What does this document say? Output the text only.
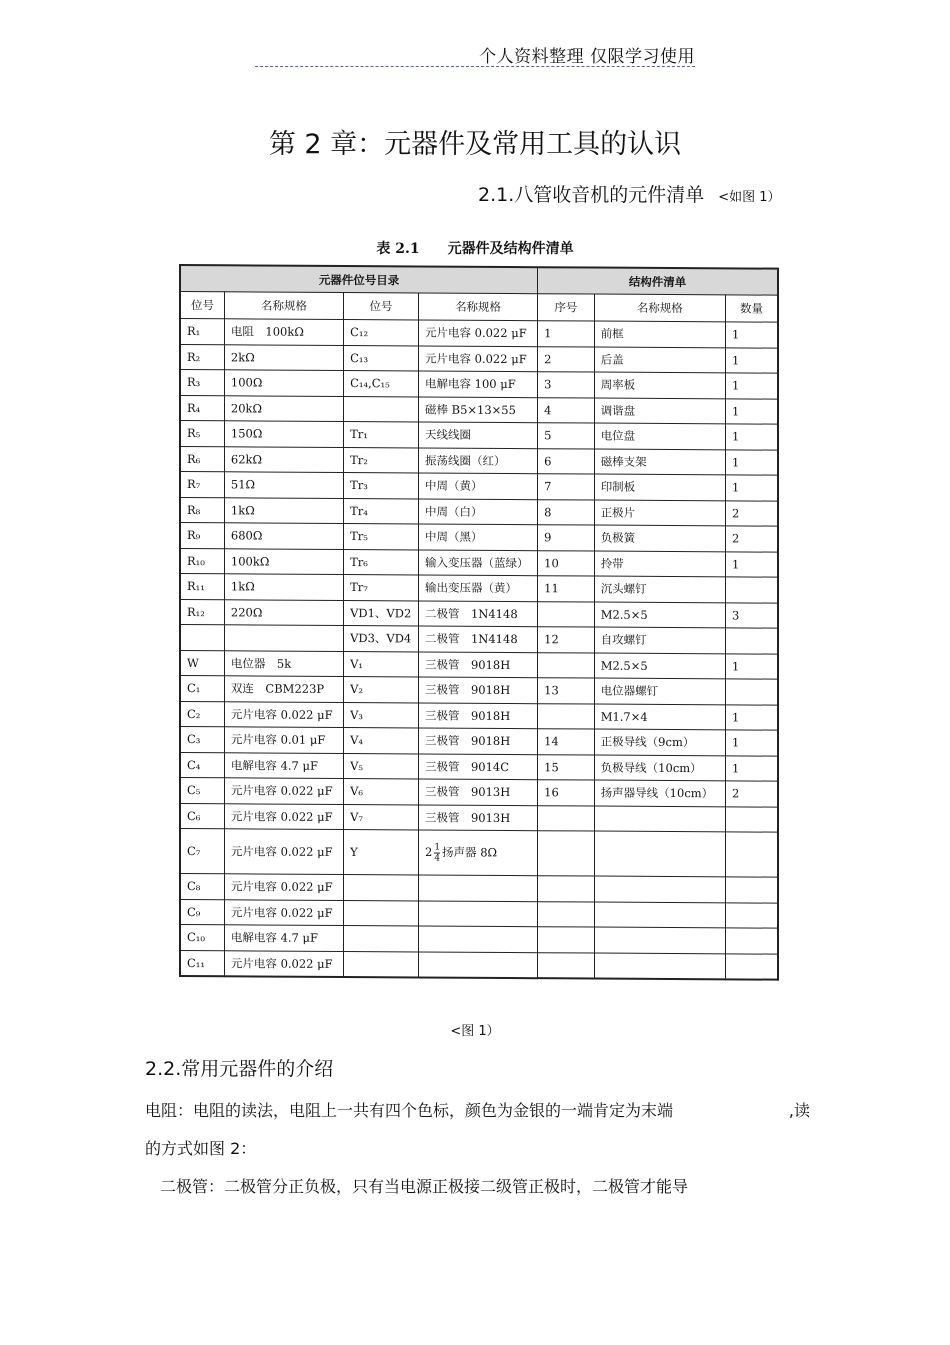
个人资料整理 仅限学习使用
第 2 章：元器件及常用工具的认识
2.1.八管收音机的元件清单 <如图 1）
表 2.1 元器件及结构件清单
元器件位号目录				结构件清单		
位号	名称规格	位号	名称规格	序号	名称规格	数量
R₁	电阻　100kΩ	C₁₂	元片电容 0.022 μF	1	前框	1
R₂	2kΩ	C₁₃	元片电容 0.022 μF	2	后盖	1
R₃	100Ω	C₁₄,C₁₅	电解电容 100 μF	3	周率板	1
R₄	20kΩ		磁棒 B5×13×55	4	调谐盘	1
R₅	150Ω	Tr₁	天线线圈	5	电位盘	1
R₆	62kΩ	Tr₂	振荡线圈（红）	6	磁棒支架	1
R₇	51Ω	Tr₃	中周（黄）	7	印制板	1
R₈	1kΩ	Tr₄	中周（白）	8	正极片	2
R₉	680Ω	Tr₅	中周（黑）	9	负极簧	2
R₁₀	100kΩ	Tr₆	输入变压器（蓝绿）	10	拎带	1
R₁₁	1kΩ	Tr₇	输出变压器（黄）	11	沉头螺钉	
R₁₂	220Ω	VD1、VD2	二极管　1N4148		M2.5×5	3
		VD3、VD4	二极管　1N4148	12	自攻螺钉	
W	电位器　5k	V₁	三极管　9018H		M2.5×5	1
C₁	双连　CBM223P	V₂	三极管　9018H	13	电位器螺钉	
C₂	元片电容 0.022 μF	V₃	三极管　9018H		M1.7×4	1
C₃	元片电容 0.01 μF	V₄	三极管　9018H	14	正极导线（9cm）	1
C₄	电解电容 4.7 μF	V₅	三极管　9014C	15	负极导线（10cm）	1
C₅	元片电容 0.022 μF	V₆	三极管　9013H	16	扬声器导线（10cm）	2
C₆	元片电容 0.022 μF	V₇	三极管　9013H			
C₇	元片电容 0.022 μF	Y	$2 \frac{1}{4}$ 扬声器 8Ω			
C₈	元片电容 0.022 μF					
C₉	元片电容 0.022 μF					
C₁₀	电解电容 4.7 μF					
C₁₁	元片电容 0.022 μF					
<图 1）
2.2.常用元器件的介绍
电阻：电阻的读法，电阻上一共有四个色标，颜色为金银的一端肯定为末端	,读
的方式如图 2：
二极管：二极管分正负极，只有当电源正极接二级管正极时，二极管才能导
